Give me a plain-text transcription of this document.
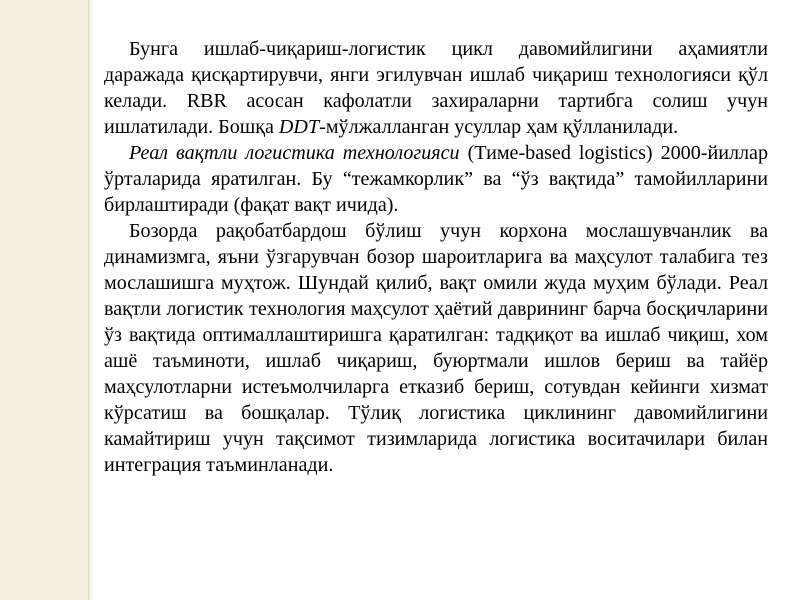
Бунга ишлаб-чиқариш-логистик цикл давомийлигини аҳамиятли даражада қисқартирувчи, янги эгилувчан ишлаб чиқариш технологияси қўл келади. RBR асосан кафолатли захираларни тартибга солиш учун ишлатилади. Бошқа DDT-мўлжалланган усуллар ҳам қўлланилади.

Реал вақтли логистика технологияси (Тиме-based logistics) 2000-йиллар ўрталарида яратилган. Бу “тежамкорлик” ва “ўз вақтида” тамойилларини бирлаштиради (фақат вақт ичида).

Бозорда рақобатбардош бўлиш учун корхона мослашувчанлик ва динамизмга, яъни ўзгарувчан бозор шароитларига ва маҳсулот талабига тез мослашишга муҳтож. Шундай қилиб, вақт омили жуда муҳим бўлади. Реал вақтли логистик технология маҳсулот ҳаётий даврининг барча босқичларини ўз вақтида оптималлаштиришга қаратилган: тадқиқот ва ишлаб чиқиш, хом ашё таъминоти, ишлаб чиқариш, буюртмали ишлов бериш ва тайёр маҳсулотларни истеъмолчиларга етказиб бериш, сотувдан кейинги хизмат кўрсатиш ва бошқалар. Тўлиқ логистика циклининг давомийлигини камайтириш учун тақсимот тизимларида логистика воситачилари билан интеграция таъминланади.
